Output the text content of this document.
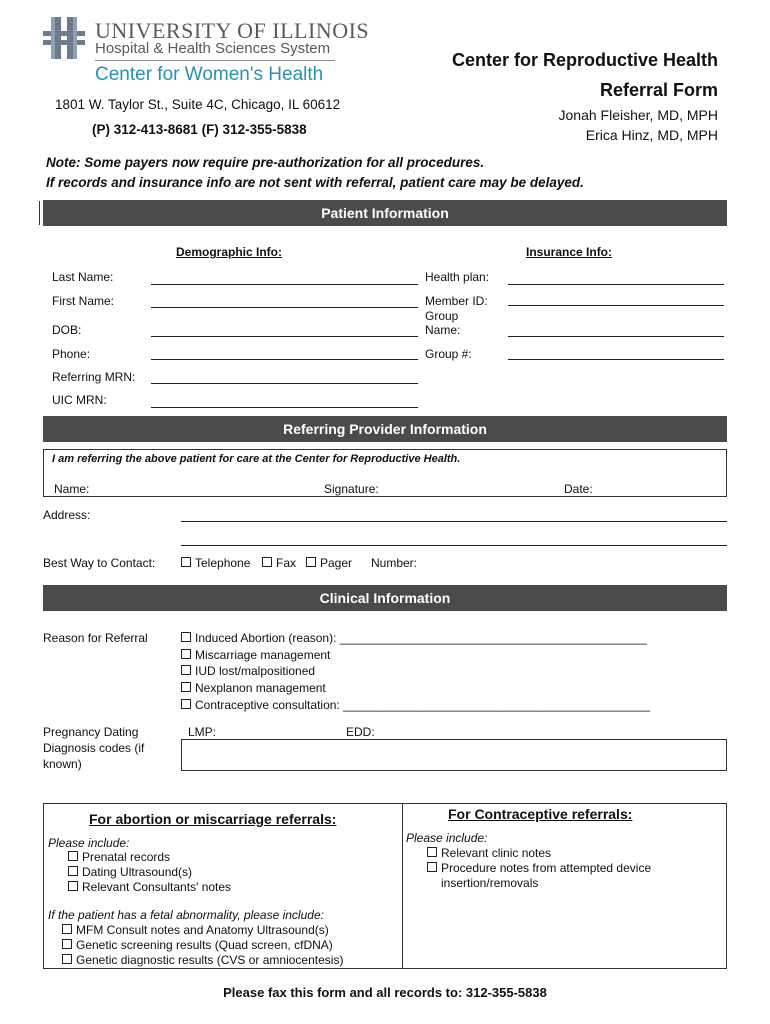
UNIVERSITY OF ILLINOIS
Hospital & Health Sciences System
Center for Women's Health
1801 W. Taylor St., Suite 4C, Chicago, IL 60612
(P) 312-413-8681 (F) 312-355-5838
Center for Reproductive Health
Referral Form
Jonah Fleisher, MD, MPH
Erica Hinz, MD, MPH
Note: Some payers now require pre-authorization for all procedures.
If records and insurance info are not sent with referral, patient care may be delayed.
Patient Information
Demographic Info:	Insurance Info:
Last Name:
First Name:
DOB:
Phone:
Referring MRN:
UIC MRN:
Health plan:
Member ID:
Group
Name:
Group #:
Referring Provider Information
I am referring the above patient for care at the Center for Reproductive Health.
Name:	Signature:	Date:
Address:
Best Way to Contact:	Telephone	Fax	Pager Number:
Clinical Information
Reason for Referral	Induced Abortion (reason): ______________________________________________
Miscarriage management
IUD lost/malpositioned
Nexplanon management
Contraceptive consultation: ______________________________________________
Pregnancy Dating
Diagnosis codes (if
known)
LMP:	EDD:
For abortion or miscarriage referrals:
Please include:
Prenatal records
Dating Ultrasound(s)
Relevant Consultants' notes
If the patient has a fetal abnormality, please include:
MFM Consult notes and Anatomy Ultrasound(s)
Genetic screening results (Quad screen, cfDNA)
Genetic diagnostic results (CVS or amniocentesis)
For Contraceptive referrals:
Please include:
Relevant clinic notes
Procedure notes from attempted device
insertion/removals
Please fax this form and all records to: 312-355-5838
